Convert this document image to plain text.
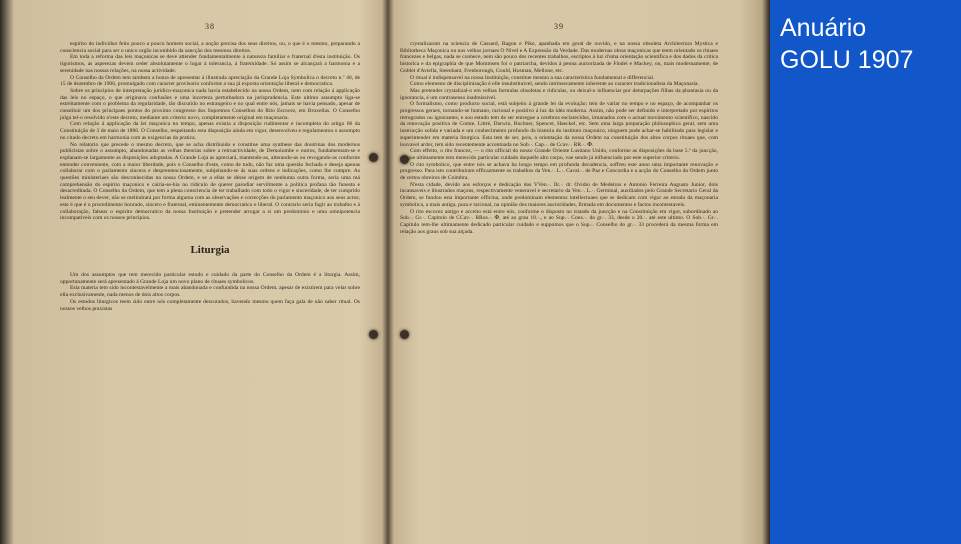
38

espirito do individuo feito pouco a pouco homem social, a noção precisa dos seus direitos, ou, o que é o mesmo, preparando a consciencia social para ser o unico orgão incumbido da sancção dos mesmos direitos.

Em toda a reforma das leis maçonicas se deve attender fundamentalmente á natureza familiar e fraternal d'esta instituição. Os rigorismos, as asperezas devem ceder absolutamente o logar á tolerancia, á fraternidade. Só assim se alcançará a harmonia e a serenidade nas nossas relações, na nossa actividade.

O Conselho da Ordem tem tambem a honra de apresentar á illustrada apreciação da Grande Loja Symbolica o decreto n.º 40, de 15 de dezembro de 1906, promulgado com caracter provisorio conforme a sua já exposta orientação liberal e democratica.

Sobre os principios de interpretação juridico-maçonica nada havia estabelecido na nossa Ordem, nem com relação á applicação das leis no espaço, o que originava confusões e uma incerteza perturbadora na jurisprudencia. Este ultimo assumpto liga-se estreitamente com o problema da regularidade, tão discutido no estrangeiro e no qual entre nós, jamais se havia pensado, apesar de constituir um dos principaes pontos do proximo congresso dos Supremos Conselhos do Rito Escocez, em Bruxellas. O Conselho julga tel-o resolvido n'este decreto, mediante um criterio novo, completamente original em maçonaria.

Com relação á applicação da lei maçonica no tempo, apenas existia a disposição rudimentar e incompleta do artigo 66 da Constituição de 3 de maio de 1886. O Conselho, respeitando esta disposição ainda em vigor, desenvolveu e regulamentou o assumpto no citado decreto em harmonia com as exigencias da pratica.

No relatorio que precede o mesmo decreto, que se acha distribuido e constitue uma synthese das doutrinas dos modernos publicistas sobre o assumpto, abandonadas as velhas theorias sobre a retroactividade, de Demolombe e outros, fundamentam-se e explanam-se largamente as disposições adoptadas. A Grande Loja as apreciará, mantendo-as, alterando-as ou revogando-as conforme entender conveniente, com a maior liberdade, pois o Conselho d'este, como de tudo, não faz uma questão fechada e deseja apenas collaborar com o parlamento sincera e desprentenciosamente, subjeitando-se ás suas ordens e indicações, como lhe cumpre. As questões ministeriaes são desconhecidas na nossa Ordem, e se a ellas se désse origem de nenhuma outra forma, seria uma má comprehensão do espirito maçonico e caíria-se-hia no ridiculo de querer parodiar servilmente a politica profana tão funesta e desacreditada. O Conselho da Ordem, que tem a plena consciencia de ter trabalhado com todo o vigor e sinceridade, de ter cumprido lealmente o seu dever, não se melindrará por forma alguma com as observações e correcções do parlamento maçonico aos seus actos; este é que é o procedimento honrado, sincero e fraternal, eminentemente democratico e liberal. O contrario seria fugir ao trabalho e á collaboração, falsear o espirito democratico da nossa Instituição e pretender arrogar a si um predominio e uma omnipotencia incompativeis com os nossos principios.

Liturgia

Um dos assumptos que tem merecido particular estudo e cuidado da parte do Conselho da Ordem é a liturgia. Assim, opportunamente será apresentado á Grande Loja um novo plano de rituaes symbolicos.

Esta materia tem sido incontestavelmente a mais abandonada e confundida na nossa Ordem, apesar de existirem para velar sobre ella exclusivamente, nada menos de dois altos corpos.

Os estudos liturgicos teem sido entre nós completamente descurados, havendo mesmo quem faça gala de não saber ritual. Os nossos velhos praxistas

39

crystalizaram na sciencia de Cassard, Ragon e Pike, apanhada em geral de ouvido, e na nossa obsoleta Architectura Mystica e Bibliotheca Maçonica ou nos velhos jornaes O Nivel e A Expressão da Verdade. Das modernas obras maçonicas que teem orientado os rituaes francezes e belgas, nada se conhece, nem são pouco dos recentes trabalhos, escriptos á luz d'uma orientação scientifica e dos dados da critica historica e da epigraphia de que Mommsen foi o patriarcha, devidos á penna auctorizada de Findel e Mackey, ou, mais modernamente, de Goblet d'Aviella, Steenbant, Frenborough, Gould, Hosman, Mellone, etc.

O ritual é indispensavel na nossa Instituição, constitue mesmo a sua caracteristica fundamental e differencial.

Como elemento de disciplinisação é elle insubstituivel, sendo intrinsecamente inherente ao caracter tradicionalista da Maçonaria.

Mas pretender crystalizal-o em velhas formulas obsoletas e ridiculas, ou deixal-o influenciar por deturpações filhas da phantasia ou da ignorancia, é um contrasenso inadmissivel.

O formalismo, como producto social, está subjeito á grande lei da evolução; tem de variar no tempo e no espaço, de acompanhar os progressos geraes, tornando-se humano, racional e positivo á luz da idéa moderna. Assim, não pode ser definido e interpretado por espiritos retrogrados ou ignorantes; e sou estudo tem de ser entregue a cerebros esclarecidos, irmanados com o actual movimento scientifico, nascido da renovação positiva de Comte, Littré, Darwin, Buchner, Spencer, Haeckel, etc. Sem uma larga preparação philosophica geral, sem uma instrucção solida e variada e um conhecimento profundo da historia do instituto maçonico, ninguem pode achar-se habilitado para legislar e superintender em materia liturgica. Esta tem de ser, pois, a orientação da nossa Ordem na constituição dos altos corpos rituaes que, com louvavel ardor, tem sido recentemente accentuada no Sob.·. Cap.·. de Ccav.·. RR.·. ✠.

Com effeito, o rito francez, — o rito official do nosso Grande Oriente Lusitano Unido, conforme as disposições da base 5.ª da juncção, — que ultimamente tem merecido particular cuidado daquelle alto corpo, vae sendo já influenciado por este superior criterio.

O rito symbolico, que entre nós se achava ha longo tempo em profunda decadencia, soffreu este anno uma importante renovação e progresso. Para isto contribuiram efficazmente os trabalhos da Ven.·. L.·. Caval.·. de Paz e Concordia e a acção do Conselho da Ordem junto de certos obreiros de Coimbra.

N'esta cidade, devido aos esforços e dedicação dos VVen.·. Ilr.·. dr. Ovidio de Medeiros e Antonio Ferreira Augusto Junior, dois incansaveis e illustrados maçons, respectivamente veneravel e secretario da Ven.·. L.·. Germinal, auxiliados pelo Grande Secretario Geral da Ordem, se fundou esta importante officina, onde predominam elementos intellectuaes que se dedicam com vigor ao estudo da maçonaria symbolica, a mais antiga, pura e racional, na opinião dos maiores auctoridades, firmada em documentos e factos incontestaveis.

O rito escocez antigo e acceito está entre nós, conforme o disposto no tratado da juncção e na Constituição em vigor, subordinado ao Sob.·. Gr.·. Capitulo de CCav.·. RRos.·. ✠, até ao grau 18.·., e ao Sup.·. Cons.·. do gr.·. 33, desde o 20.·. até este ultimo. O Sob.·. Gr.·. Capitulo tem-lhe ultimamente dedicado particular cuidado e suppomos que o Sup.·. Conselho do gr.·. 33 procederá da mesma forma em relação aos graus sob sua alçada.

Anuário
GOLU 1907
